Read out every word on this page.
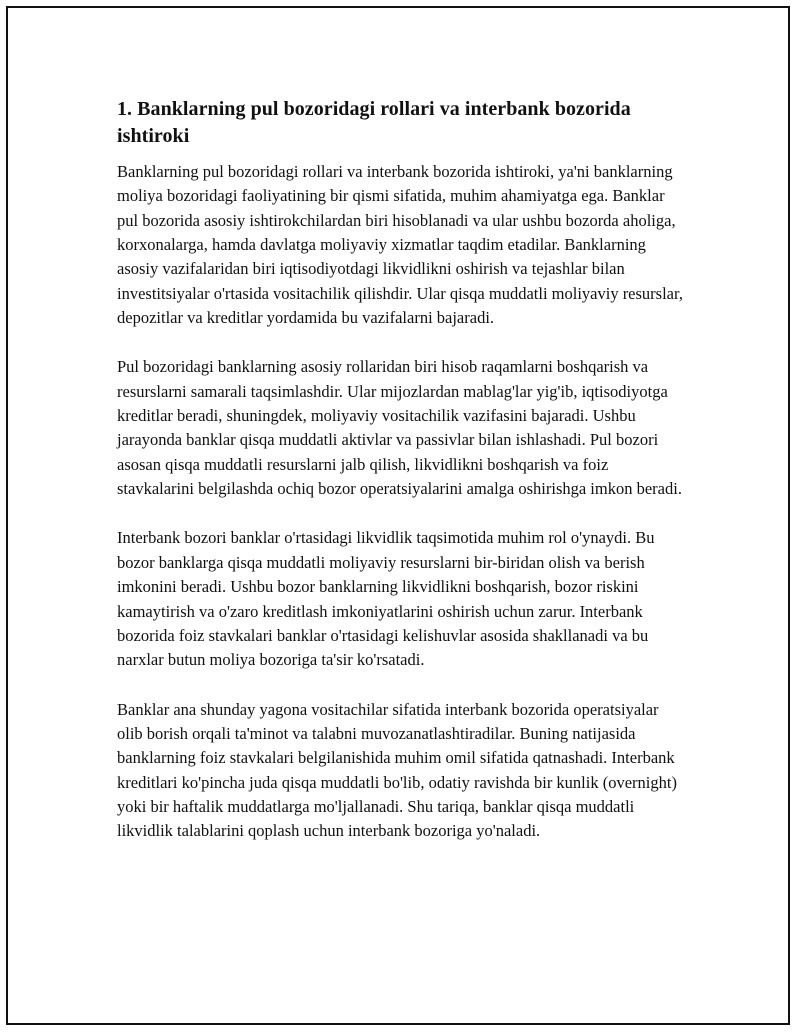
1. Banklarning pul bozoridagi rollari va interbank bozorida ishtiroki

Banklarning pul bozoridagi rollari va interbank bozorida ishtiroki, ya'ni banklarning moliya bozoridagi faoliyatining bir qismi sifatida, muhim ahamiyatga ega. Banklar pul bozorida asosiy ishtirokchilardan biri hisoblanadi va ular ushbu bozorda aholiga, korxonalarga, hamda davlatga moliyaviy xizmatlar taqdim etadilar. Banklarning asosiy vazifalaridan biri iqtisodiyotdagi likvidlikni oshirish va tejashlar bilan investitsiyalar o'rtasida vositachilik qilishdir. Ular qisqa muddatli moliyaviy resurslar, depozitlar va kreditlar yordamida bu vazifalarni bajaradi.

Pul bozoridagi banklarning asosiy rollaridan biri hisob raqamlarni boshqarish va resurslarni samarali taqsimlashdir. Ular mijozlardan mablag'lar yig'ib, iqtisodiyotga kreditlar beradi, shuningdek, moliyaviy vositachilik vazifasini bajaradi. Ushbu jarayonda banklar qisqa muddatli aktivlar va passivlar bilan ishlashadi. Pul bozori asosan qisqa muddatli resurslarni jalb qilish, likvidlikni boshqarish va foiz stavkalarini belgilashda ochiq bozor operatsiyalarini amalga oshirishga imkon beradi.

Interbank bozori banklar o'rtasidagi likvidlik taqsimotida muhim rol o'ynaydi. Bu bozor banklarga qisqa muddatli moliyaviy resurslarni bir-biridan olish va berish imkonini beradi. Ushbu bozor banklarning likvidlikni boshqarish, bozor riskini kamaytirish va o'zaro kreditlash imkoniyatlarini oshirish uchun zarur. Interbank bozorida foiz stavkalari banklar o'rtasidagi kelishuvlar asosida shakllanadi va bu narxlar butun moliya bozoriga ta'sir ko'rsatadi.

Banklar ana shunday yagona vositachilar sifatida interbank bozorida operatsiyalar olib borish orqali ta'minot va talabni muvozanatlashtiradilar. Buning natijasida banklarning foiz stavkalari belgilanishida muhim omil sifatida qatnashadi. Interbank kreditlari ko'pincha juda qisqa muddatli bo'lib, odatiy ravishda bir kunlik (overnight) yoki bir haftalik muddatlarga mo'ljallanadi. Shu tariqa, banklar qisqa muddatli likvidlik talablarini qoplash uchun interbank bozoriga yo'naladi.
